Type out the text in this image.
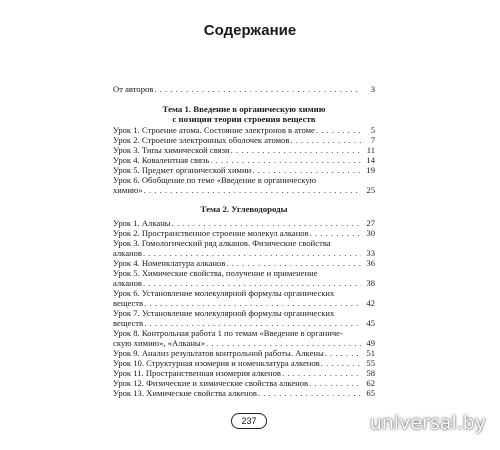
Содержание
От авторов . . .	3
Тема 1. Введение в органическую химию
с позиции теории строения веществ
Урок 1. Строение атома. Состояние электронов в атоме . . .	5
Урок 2. Строение электронных оболочек атомов . . .	7
Урок 3. Типы химической связи . . .	11
Урок 4. Ковалентная связь . . .	14
Урок 5. Предмет органической химии . . .	19
Урок 6. Обобщение по теме «Введение в органическую
химию» . . .	25
Тема 2. Углеводороды
Урок 1. Алканы . . .	27
Урок 2. Пространственное строение молекул алканов . . .	30
Урок 3. Гомологический ряд алканов. Физические свойства
алканов . . .	33
Урок 4. Номенклатура алканов . . .	36
Урок 5. Химические свойства, получение и применение
алканов . . .	38
Урок 6. Установление молекулярной формулы органических
веществ . . .	42
Урок 7. Установление молекулярной формулы органических
веществ . . .	45
Урок 8. Контрольная работа 1 по темам «Введение в органиче-
скую химию», «Алканы» . . .	49
Урок 9. Анализ результатов контрольной работы. Алкены . . .	51
Урок 10. Структурная изомерия и номенклатура алкенов . . .	55
Урок 11. Пространственная изомерия алкенов . . .	58
Урок 12. Физические и химические свойства алкенов . . .	62
Урок 13. Химические свойства алкенов . . .	65
237	universal.by
